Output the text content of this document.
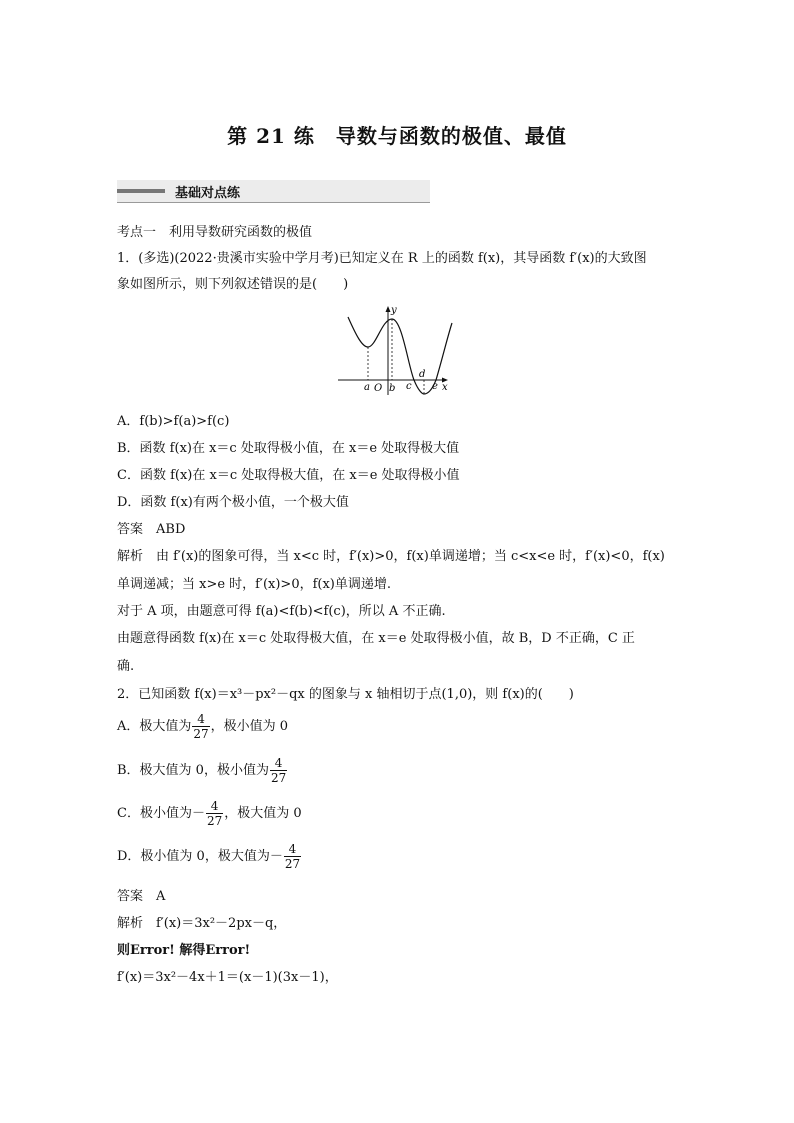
第 21 练　导数与函数的极值、最值
基础对点练
考点一　利用导数研究函数的极值
1．(多选)(2022·贵溪市实验中学月考)已知定义在 R 上的函数 f(x)，其导函数 f′(x)的大致图
象如图所示，则下列叙述错误的是(　　)
y
x
a O b c
d
e
A．f(b)>f(a)>f(c)
B．函数 f(x)在 x＝c 处取得极小值，在 x＝e 处取得极大值
C．函数 f(x)在 x＝c 处取得极大值，在 x＝e 处取得极小值
D．函数 f(x)有两个极小值，一个极大值
答案　ABD
解析　由 f′(x)的图象可得，当 x<c 时，f′(x)>0，f(x)单调递增；当 c<x<e 时，f′(x)<0，f(x)
单调递减；当 x>e 时，f′(x)>0，f(x)单调递增.
对于 A 项，由题意可得 f(a)<f(b)<f(c)，所以 A 不正确.
由题意得函数 f(x)在 x＝c 处取得极大值，在 x＝e 处取得极小值，故 B，D 不正确，C 正
确.
2．已知函数 f(x)＝x³－px²－qx 的图象与 x 轴相切于点(1,0)，则 f(x)的(　　)
A．极大值为 $\frac{4}{27}$ ，极小值为 0
B．极大值为 0，极小值为 $\frac{4}{27}$
C．极小值为－ $\frac{4}{27}$ ，极大值为 0
D．极小值为 0，极大值为－ $\frac{4}{27}$
答案　A
解析　f′(x)＝3x²－2px－q，
则Error! 解得Error!
f′(x)＝3x²－4x＋1＝(x－1)(3x－1)，
